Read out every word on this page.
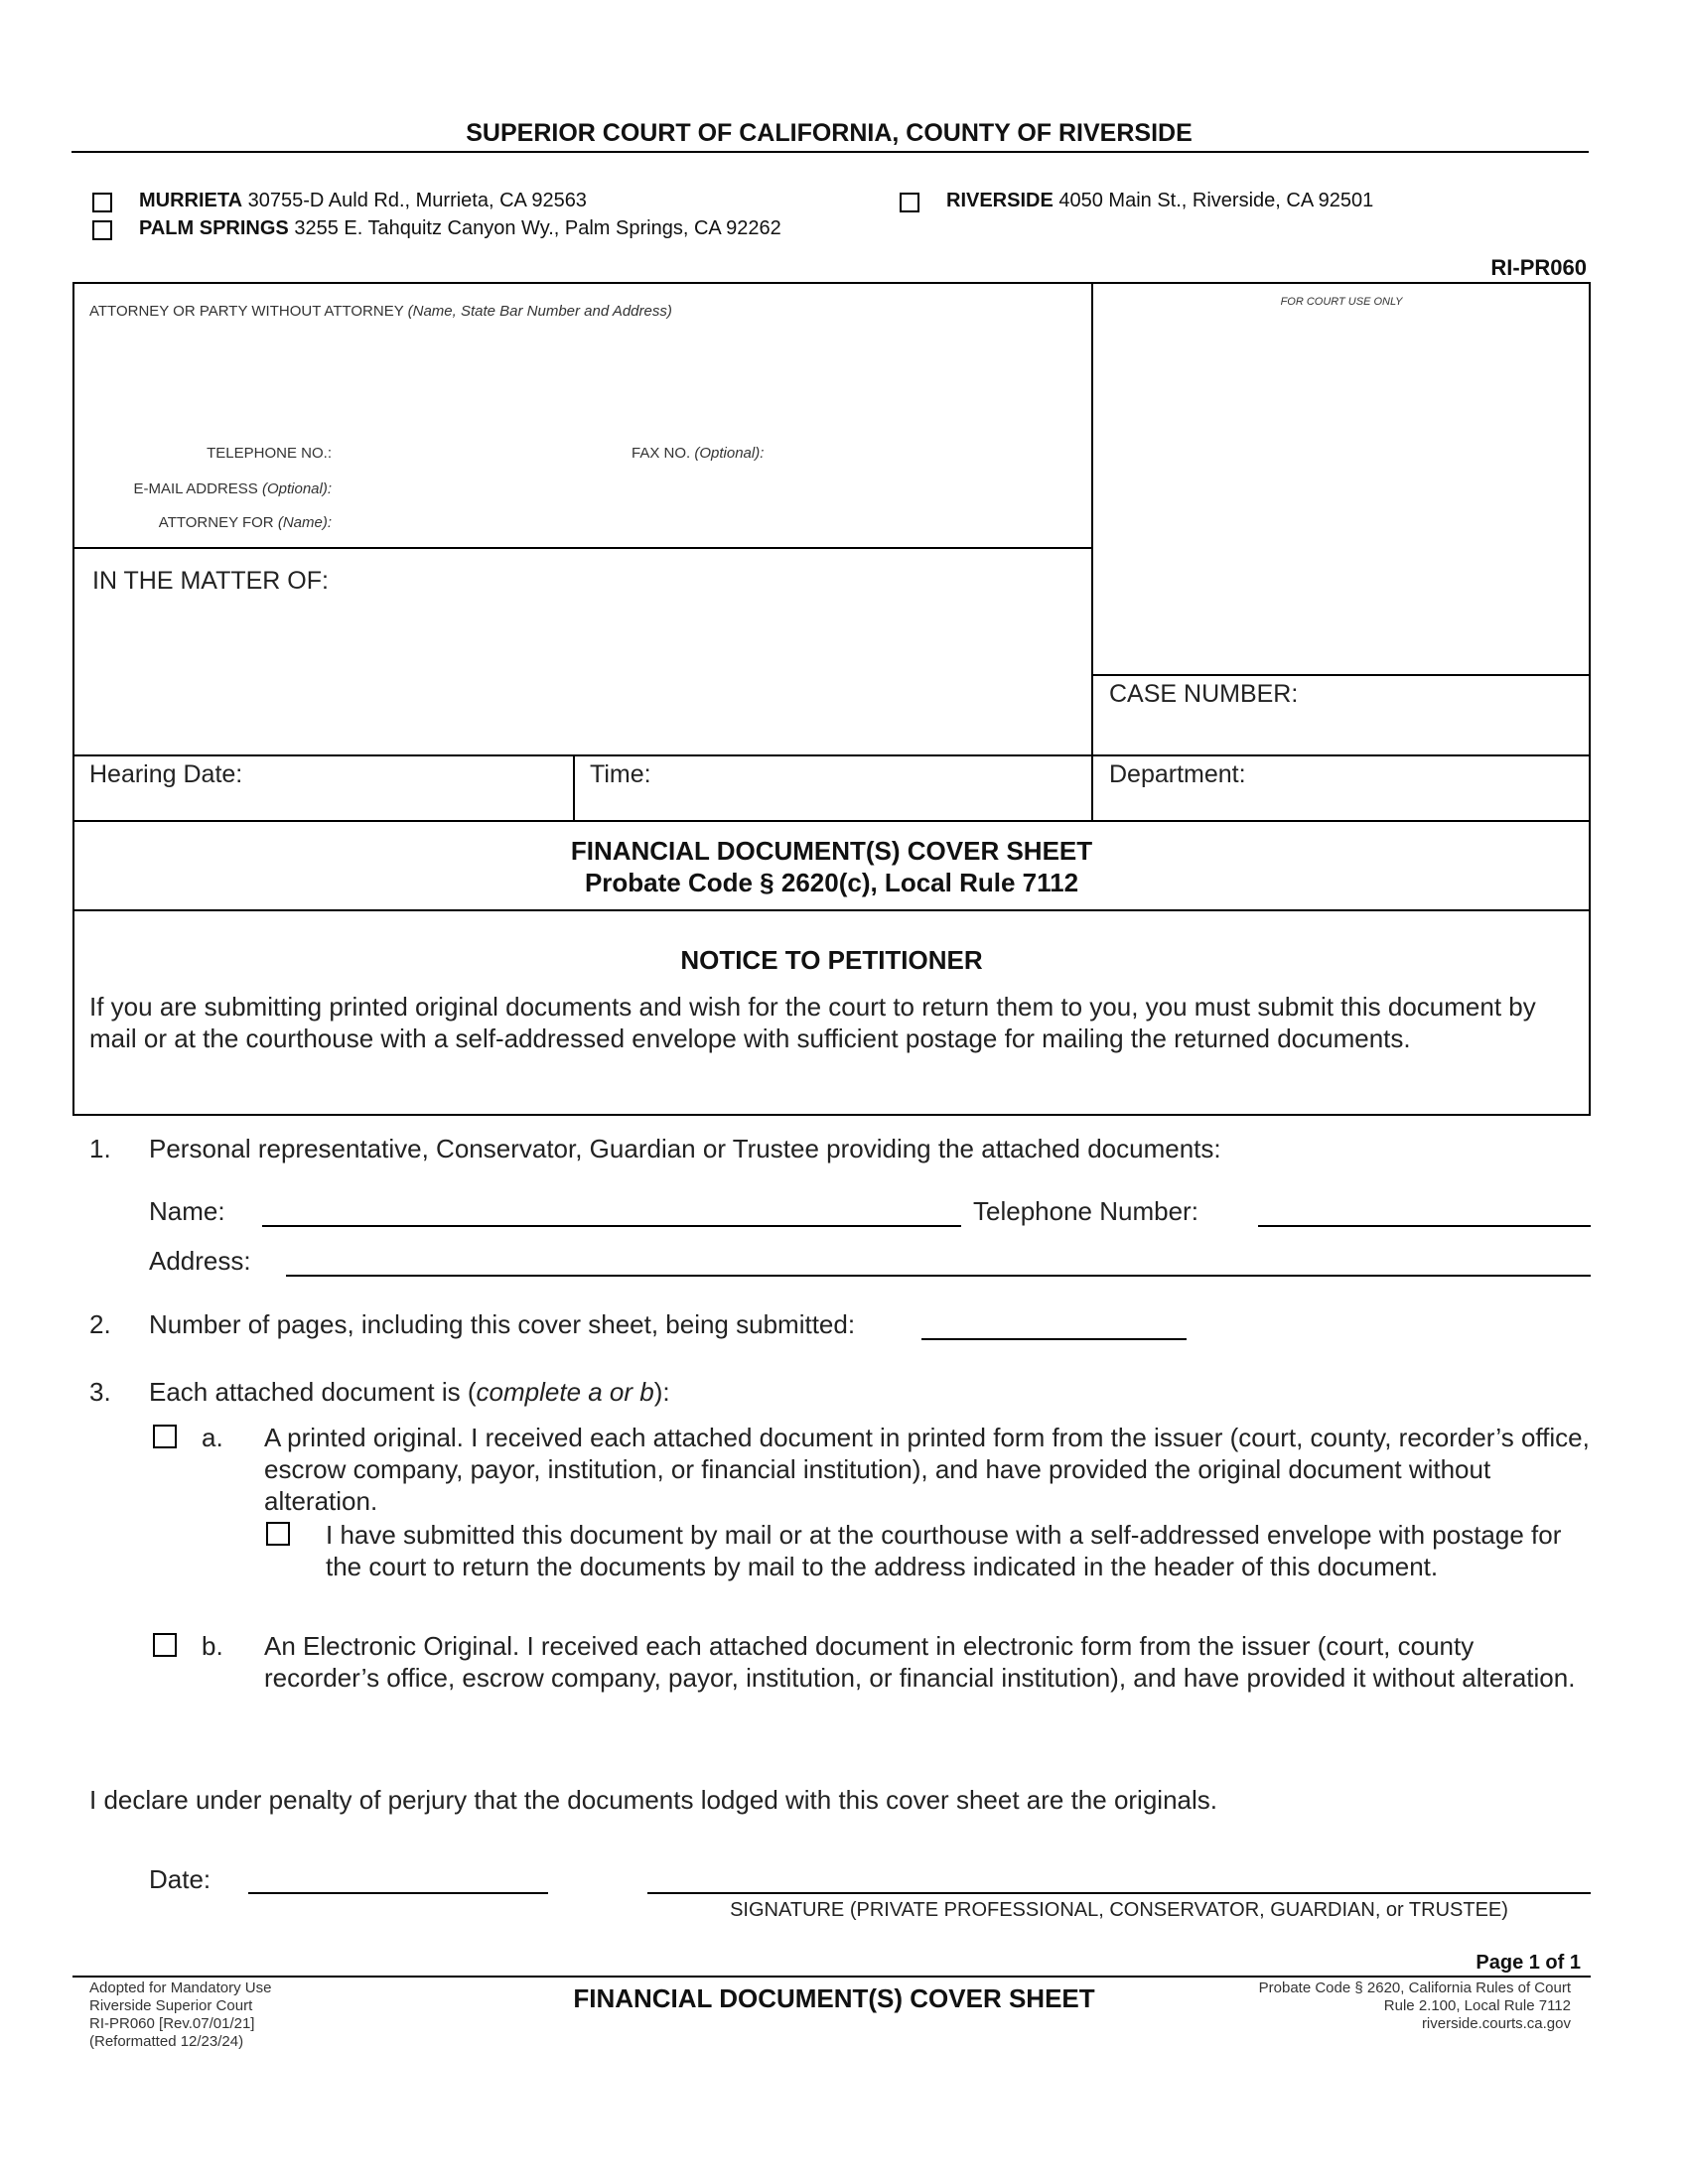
SUPERIOR COURT OF CALIFORNIA, COUNTY OF RIVERSIDE
MURRIETA 30755-D Auld Rd., Murrieta, CA 92563	RIVERSIDE 4050 Main St., Riverside, CA 92501
PALM SPRINGS 3255 E. Tahquitz Canyon Wy., Palm Springs, CA 92262
RI-PR060
ATTORNEY OR PARTY WITHOUT ATTORNEY (Name, State Bar Number and Address)
FOR COURT USE ONLY
TELEPHONE NO.:	FAX NO. (Optional):
E-MAIL ADDRESS (Optional):
ATTORNEY FOR (Name):
IN THE MATTER OF:
CASE NUMBER:
Hearing Date:	Time:	Department:
FINANCIAL DOCUMENT(S) COVER SHEET
Probate Code § 2620(c), Local Rule 7112
NOTICE TO PETITIONER
If you are submitting printed original documents and wish for the court to return them to you, you must submit this document by mail or at the courthouse with a self-addressed envelope with sufficient postage for mailing the returned documents.
1. Personal representative, Conservator, Guardian or Trustee providing the attached documents:
Name:	Telephone Number:
Address:
2. Number of pages, including this cover sheet, being submitted:
3. Each attached document is (complete a or b):
a. A printed original. I received each attached document in printed form from the issuer (court, county, recorder’s office, escrow company, payor, institution, or financial institution), and have provided the original document without alteration.
I have submitted this document by mail or at the courthouse with a self-addressed envelope with postage for the court to return the documents by mail to the address indicated in the header of this document.
b. An Electronic Original. I received each attached document in electronic form from the issuer (court, county recorder’s office, escrow company, payor, institution, or financial institution), and have provided it without alteration.
I declare under penalty of perjury that the documents lodged with this cover sheet are the originals.
Date:
SIGNATURE (PRIVATE PROFESSIONAL, CONSERVATOR, GUARDIAN, or TRUSTEE)
Page 1 of 1
Adopted for Mandatory Use
Riverside Superior Court
RI-PR060 [Rev.07/01/21]
(Reformatted 12/23/24)
FINANCIAL DOCUMENT(S) COVER SHEET	Probate Code § 2620, California Rules of Court
Rule 2.100, Local Rule 7112
riverside.courts.ca.gov
